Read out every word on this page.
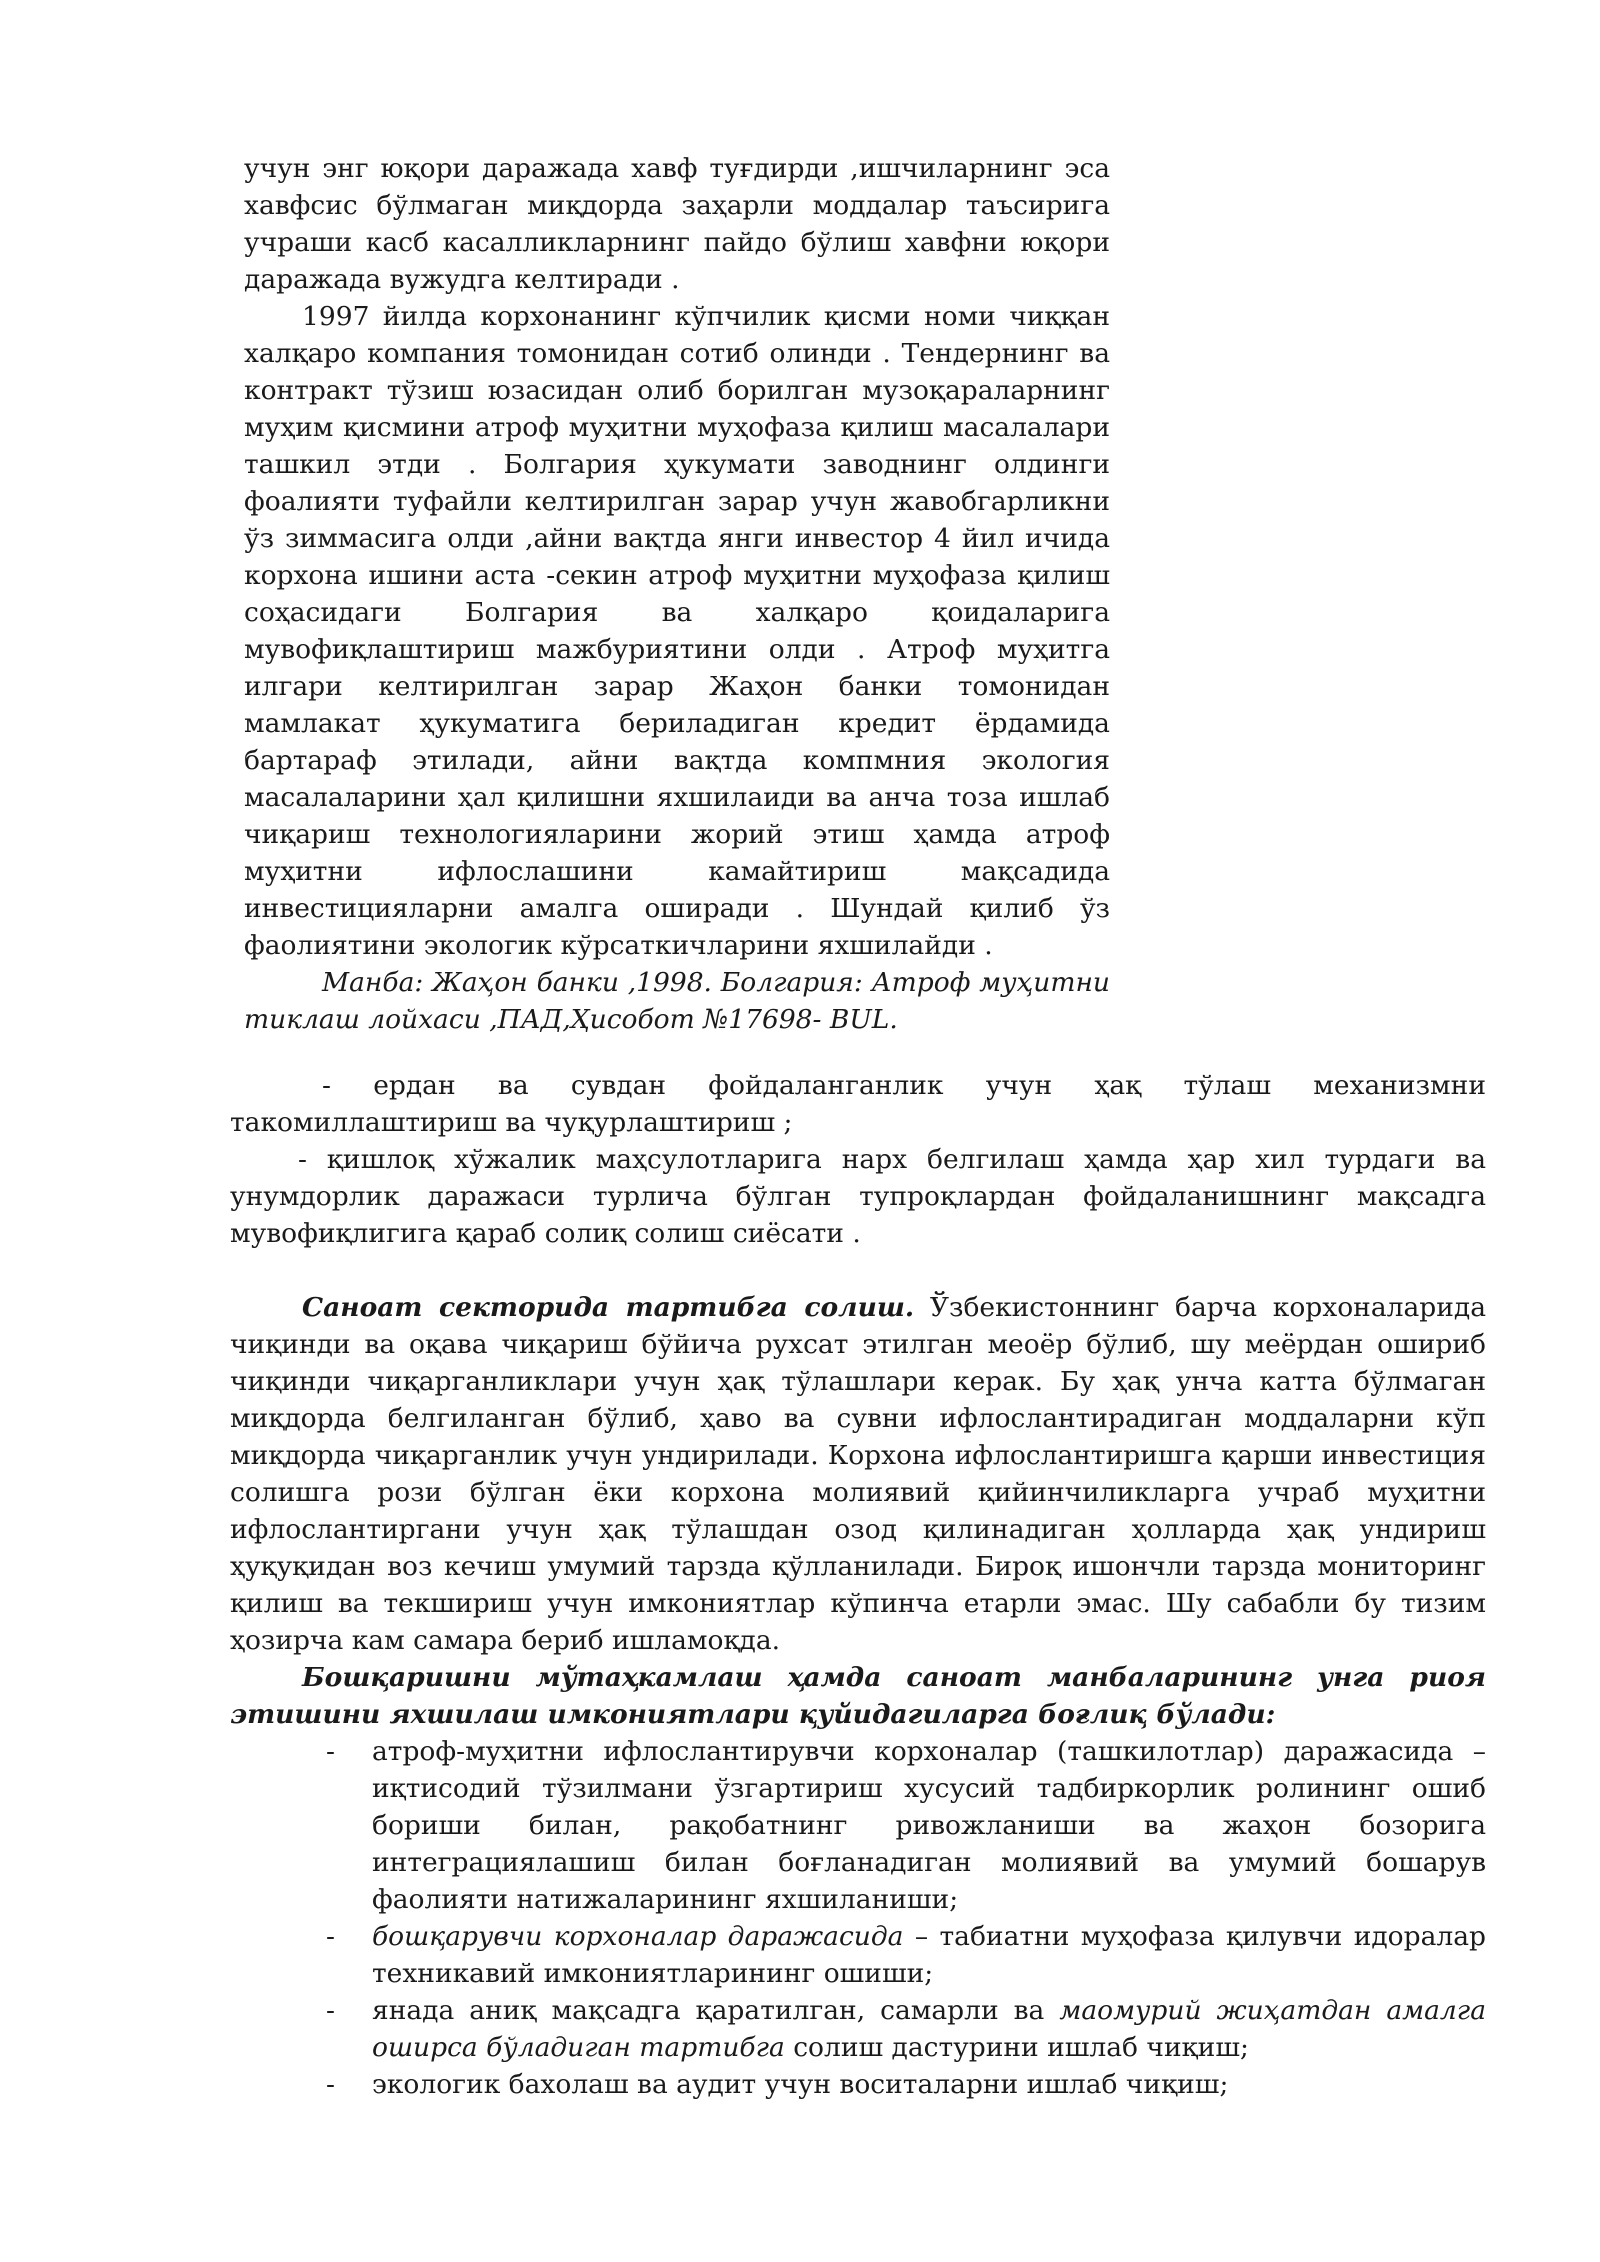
учун энг юқори даражада хавф туғдирди ,ишчиларнинг эса хавфсис бўлмаган миқдорда заҳарли моддалар таъсирига учраши касб касалликларнинг пайдо бўлиш хавфни юқори даражада вужудга келтиради .

1997 йилда корхонанинг кўпчилик қисми номи чиққан халқаро компания томонидан сотиб олинди . Тендернинг ва контракт тўзиш юзасидан олиб борилган музоқараларнинг муҳим қисмини атроф муҳитни муҳофаза қилиш масалалари ташкил этди . Болгария ҳукумати заводнинг олдинги фоалияти туфайли келтирилган зарар учун жавобгарликни ўз зиммасига олди ,айни вақтда янги инвестор 4 йил ичида корхона ишини аста -секин атроф муҳитни муҳофаза қилиш соҳасидаги Болгария ва халқаро қоидаларига мувофиқлаштириш мажбуриятини олди . Атроф муҳитга илгари келтирилган зарар Жаҳон банки томонидан мамлакат ҳукуматига бериладиган кредит ёрдамида бартараф этилади, айни вақтда компмния экология масалаларини ҳал қилишни яхшилаиди ва анча тоза ишлаб чиқариш технологияларини жорий этиш ҳамда атроф муҳитни ифлослашини камайтириш мақсадида инвестицияларни амалга оширади . Шундай қилиб ўз фаолиятини экологик кўрсаткичларини яхшилайди .

Манба: Жаҳон банки ,1998. Болгария: Атроф муҳитни тиклаш лойхаси ,ПАД,Ҳисобот №17698- BUL.

- ердан ва сувдан фойдаланганлик учун ҳақ тўлаш механизмни такомиллаштириш ва чуқурлаштириш ;

- қишлоқ хўжалик маҳсулотларига нарх белгилаш ҳамда ҳар хил турдаги ва унумдорлик даражаси турлича бўлган тупроқлардан фойдаланишнинг мақсадга мувофиқлигига қараб солиқ солиш сиёсати .

Саноат секторида тартибга солиш. Ўзбекистоннинг барча корхоналарида чиқинди ва оқава чиқариш бўйича рухсат этилган меоёр бўлиб, шу меёрдан ошириб чиқинди чиқарганликлари учун ҳақ тўлашлари керак. Бу ҳақ унча катта бўлмаган миқдорда белгиланган бўлиб, ҳаво ва сувни ифлослантирадиган моддаларни кўп миқдорда чиқарганлик учун ундирилади. Корхона ифлослантиришга қарши инвестиция солишга рози бўлган ёки корхона молиявий қийинчиликларга учраб муҳитни ифлослантиргани учун ҳақ тўлашдан озод қилинадиган ҳолларда ҳақ ундириш ҳуқуқидан воз кечиш умумий тарзда қўлланилади. Бироқ ишончли тарзда мониторинг қилиш ва текшириш учун имкониятлар кўпинча етарли эмас. Шу сабабли бу тизим ҳозирча кам самара бериб ишламоқда.

Бошқаришни мўтаҳкамлаш ҳамда саноат манбаларининг унга риоя этишини яхшилаш имкониятлари қуйидагиларга боғлиқ бўлади:

- атроф-муҳитни ифлослантирувчи корхоналар (ташкилотлар) даражасида – иқтисодий тўзилмани ўзгартириш хусусий тадбиркорлик ролининг ошиб бориши билан, рақобатнинг ривожланиши ва жаҳон бозорига интеграциялашиш билан боғланадиган молиявий ва умумий бошарув фаолияти натижаларининг яхшиланиши;
- бошқарувчи корхоналар даражасида – табиатни муҳофаза қилувчи идоралар техникавий имкониятларининг ошиши;
- янада аниқ мақсадга қаратилган, самарли ва маомурий жиҳатдан амалга оширса бўладиган тартибга солиш дастурини ишлаб чиқиш;
- экологик бахолаш ва аудит учун воситаларни ишлаб чиқиш;
